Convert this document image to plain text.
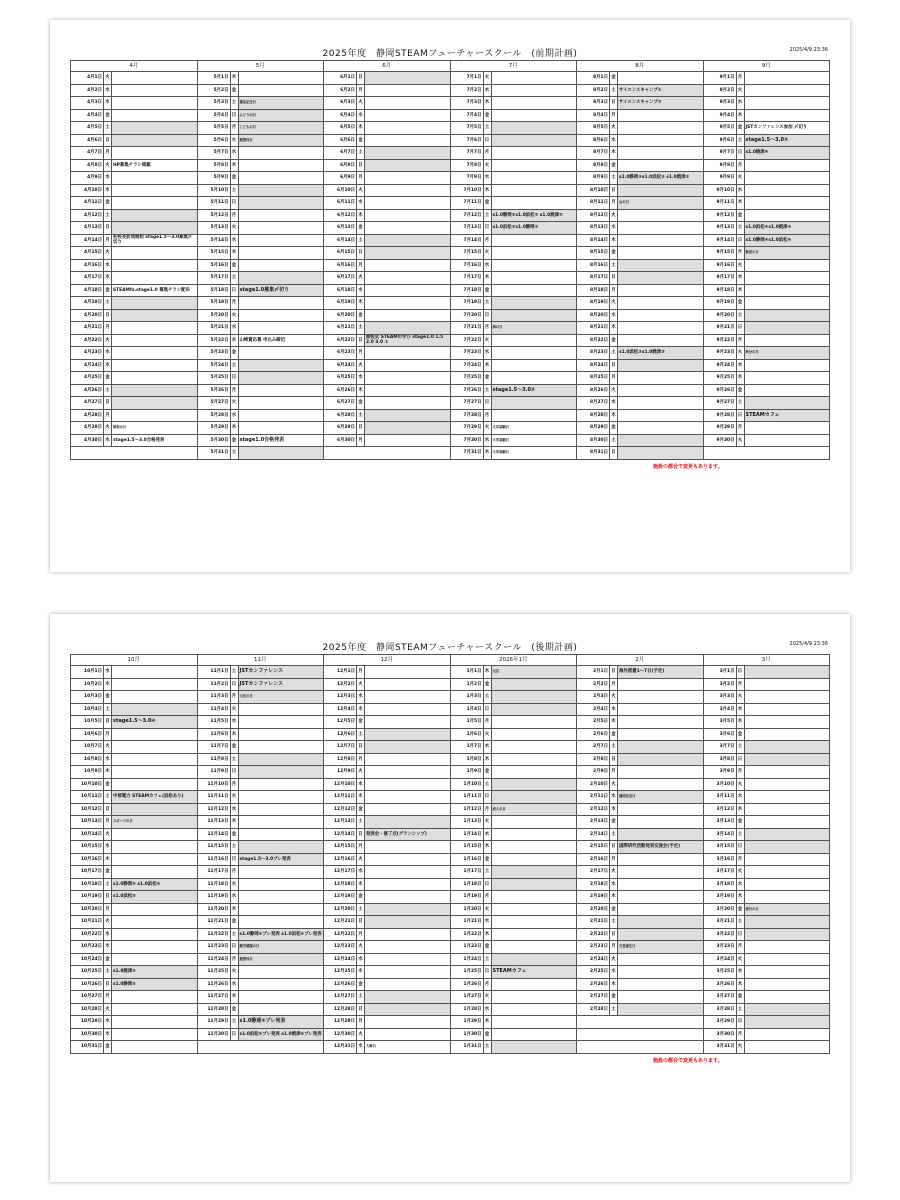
2025年度　静岡STEAMフューチャースクール　(前期計画)	2025/4/9 23:36
4月			5月			6月			7月			8月			9月		
4月1日	火		5月1日	木		6月1日	日		7月1日	火		8月1日	金		9月1日	月	
4月2日	水		5月2日	金		6月2日	月		7月2日	水		8月2日	土	サイエンスキャンプ①	9月2日	火	
4月3日	木		5月3日	土	憲法記念日	6月3日	火		7月3日	木		8月3日	日	サイエンスキャンプ②	9月3日	水	
4月4日	金		5月4日	日	みどりの日	6月4日	水		7月4日	金		8月4日	月		9月4日	木	
4月5日	土		5月5日	月	こどもの日	6月5日	木		7月5日	土		8月5日	火		9月5日	金	JSTカンファレンス参加 〆切り
4月6日	日		5月6日	火	振替休日	6月6日	金		7月6日	日		8月6日	水		9月6日	土	stage1.5～3.0③
4月7日	月		5月7日	水		6月7日	土		7月7日	月		8月7日	木		9月7日	日	s1.0焼津④
4月8日	火	HP募集チラシ掲載	5月8日	木		6月8日	日		7月8日	火		8月8日	金		9月8日	月	
4月9日	水		5月9日	金		6月9日	月		7月9日	水		8月9日	土	s1.0静岡③s1.0浜松③ s1.0焼津③	9月9日	火	
4月10日	木		5月10日	土		6月10日	火		7月10日	木		8月10日	日		9月10日	水	
4月11日	金		5月11日	日		6月11日	水		7月11日	金		8月11日	月	山の日	9月11日	木	
4月12日	土		5月12日	月		6月12日	木		7月12日	土	s1.0静岡②s1.0浜松② s1.0焼津②	8月12日	火		9月12日	金	
4月13日	日		5月13日	火		6月13日	金		7月13日	日	s1.0浜松②s1.0静岡②	8月13日	水		9月13日	土	s1.0浜松④s1.0焼津④
4月14日	月	初校長訪問開始 stage1.5～3.0募集〆切り	5月14日	水		6月14日	土		7月14日	月		8月14日	木		9月14日	日	s1.0静岡④s1.0浜松④
4月15日	火		5月15日	木		6月15日	日		7月15日	火		8月15日	金		9月15日	月	敬老の日
4月16日	水		5月16日	金		6月16日	月		7月16日	水		8月16日	土		9月16日	火	
4月17日	木		5月17日	土		6月17日	火		7月17日	木		8月17日	日		9月17日	水	
4月18日	金	STEAMfs.stage1.0 募集チラシ配布	5月18日	日	stage1.0募集〆切り	6月18日	水		7月18日	金		8月18日	月		9月18日	木	
4月19日	土		5月19日	月		6月19日	木		7月19日	土		8月19日	火		9月19日	金	
4月20日	日		5月20日	火		6月20日	金		7月20日	日		8月20日	水		9月20日	土	
4月21日	月		5月21日	水		6月21日	土		7月21日	月	海の日	8月21日	木		9月21日	日	
4月22日	火		5月22日	木	山崎賞応募 申込み締切	6月22日	日	開校式 STEAMの学び stage1.0 1.5 2.0 3.0 ①	7月22日	火		8月22日	金		9月22日	月	
4月23日	水		5月23日	金		6月23日	月		7月23日	水		8月23日	土	s1.0浜松③s1.0焼津③	9月23日	火	秋分の日
4月24日	木		5月24日	土		6月24日	火		7月24日	木		8月24日	日		9月24日	水	
4月25日	金		5月25日	日		6月25日	水		7月25日	金		8月25日	月		9月25日	木	
4月26日	土		5月26日	月		6月26日	木		7月26日	土	stage1.5～3.0②	8月26日	火		9月26日	金	
4月27日	日		5月27日	火		6月27日	金		7月27日	日		8月27日	水		9月27日	土	
4月28日	月		5月28日	水		6月28日	土		7月28日	月		8月28日	木		9月28日	日	STEAMカフェ
4月29日	火	昭和の日	5月29日	木		6月29日	日		7月29日	火	大学試験日	8月29日	金		9月29日	月	
4月30日	水	stage1.5～3.0合格発表	5月30日	金	stage1.0合格発表	6月30日	月		7月30日	水	大学試験日	8月30日	土		9月30日	火	
			5月31日	土					7月31日	木	大学試験日	8月31日	日				
施設の都合で変更もあります。
2025年度　静岡STEAMフューチャースクール　(後期計画)	2025/4/9 23:36
10月			11月			12月			2026年1月			2月			3月		
10月1日	水		11月1日	土	JSTカンファレンス	12月1日	月		1月1日	木	元旦	2月1日	日	海外派遣1～7日(予定)	3月1日	日	
10月2日	木		11月2日	日	JSTカンファレンス	12月2日	火		1月2日	金		2月2日	月		3月2日	月	
10月3日	金		11月3日	月	文化の日	12月3日	水		1月3日	土		2月3日	火		3月3日	火	
10月4日	土		11月4日	火		12月4日	木		1月4日	日		2月4日	水		3月4日	水	
10月5日	日	stage1.5～3.0④	11月5日	水		12月5日	金		1月5日	月		2月5日	木		3月5日	木	
10月6日	月		11月6日	木		12月6日	土		1月6日	火		2月6日	金		3月6日	金	
10月7日	火		11月7日	金		12月7日	日		1月7日	水		2月7日	土		3月7日	土	
10月8日	水		11月8日	土		12月8日	月		1月8日	木		2月8日	日		3月8日	日	
10月9日	木		11月9日	日		12月9日	火		1月9日	金		2月9日	月		3月9日	月	
10月10日	金		11月10日	月		12月10日	水		1月10日	土		2月10日	火		3月10日	火	
10月11日	土	中部電力 STEAMカフェ(浜松あり)	11月11日	火		12月11日	木		1月11日	日		2月11日	水	建国記念日	3月11日	水	
10月12日	日		11月12日	水		12月12日	金		1月12日	月	成人の日	2月12日	木		3月12日	木	
10月13日	月	スポーツの日	11月13日	木		12月13日	土		1月13日	火		2月13日	金		3月13日	金	
10月14日	火		11月14日	金		12月14日	日	発表会・修了式(グランシップ)	1月14日	水		2月14日	土		3月14日	土	
10月15日	水		11月15日	土		12月15日	月		1月15日	木		2月15日	日	国際研究活動発表交流会(予定)	3月15日	日	
10月16日	木		11月16日	日	stage1.5～3.0プレ発表	12月16日	火		1月16日	金		2月16日	月		3月16日	月	
10月17日	金		11月17日	月		12月17日	水		1月17日	土		2月17日	火		3月17日	火	
10月18日	土	s1.0静岡⑤ s1.0浜松⑤	11月18日	火		12月18日	木		1月18日	日		2月18日	水		3月18日	水	
10月19日	日	s1.0浜松⑤	11月19日	水		12月19日	金		1月19日	月		2月19日	木		3月19日	木	
10月20日	月		11月20日	木		12月20日	土		1月20日	火		2月20日	金		3月20日	金	春分の日
10月21日	火		11月21日	金		12月21日	日		1月21日	水		2月21日	土		3月21日	土	
10月22日	水		11月22日	土	s1.0静岡⑥プレ発表 s1.0浜松⑥プレ発表	12月22日	月		1月22日	木		2月22日	日		3月22日	日	
10月23日	木		11月23日	日	勤労感謝の日	12月23日	火		1月23日	金		2月23日	月	天皇誕生日	3月23日	月	
10月24日	金		11月24日	月	振替休日	12月24日	水		1月24日	土		2月24日	火		3月24日	火	
10月25日	土	s1.0焼津⑤	11月25日	火		12月25日	木		1月25日	日	STEAMカフェ	2月25日	水		3月25日	水	
10月26日	日	s1.0静岡⑤	11月26日	水		12月26日	金		1月26日	月		2月26日	木		3月26日	木	
10月27日	月		11月27日	木		12月27日	土		1月27日	火		2月27日	金		3月27日	金	
10月28日	火		11月28日	金		12月28日	日		1月28日	水		2月28日	土		3月28日	土	
10月29日	水		11月29日	土	s1.0静岡⑥プレ発表	12月29日	月		1月29日	木					3月29日	日	
10月30日	木		11月30日	日	s1.0浜松⑥プレ発表 s1.0焼津⑥プレ発表	12月30日	火		1月30日	金					3月30日	月	
10月31日	金					12月31日	水	大晦日	1月31日	土					3月31日	火	
施設の都合で変更もあります。
